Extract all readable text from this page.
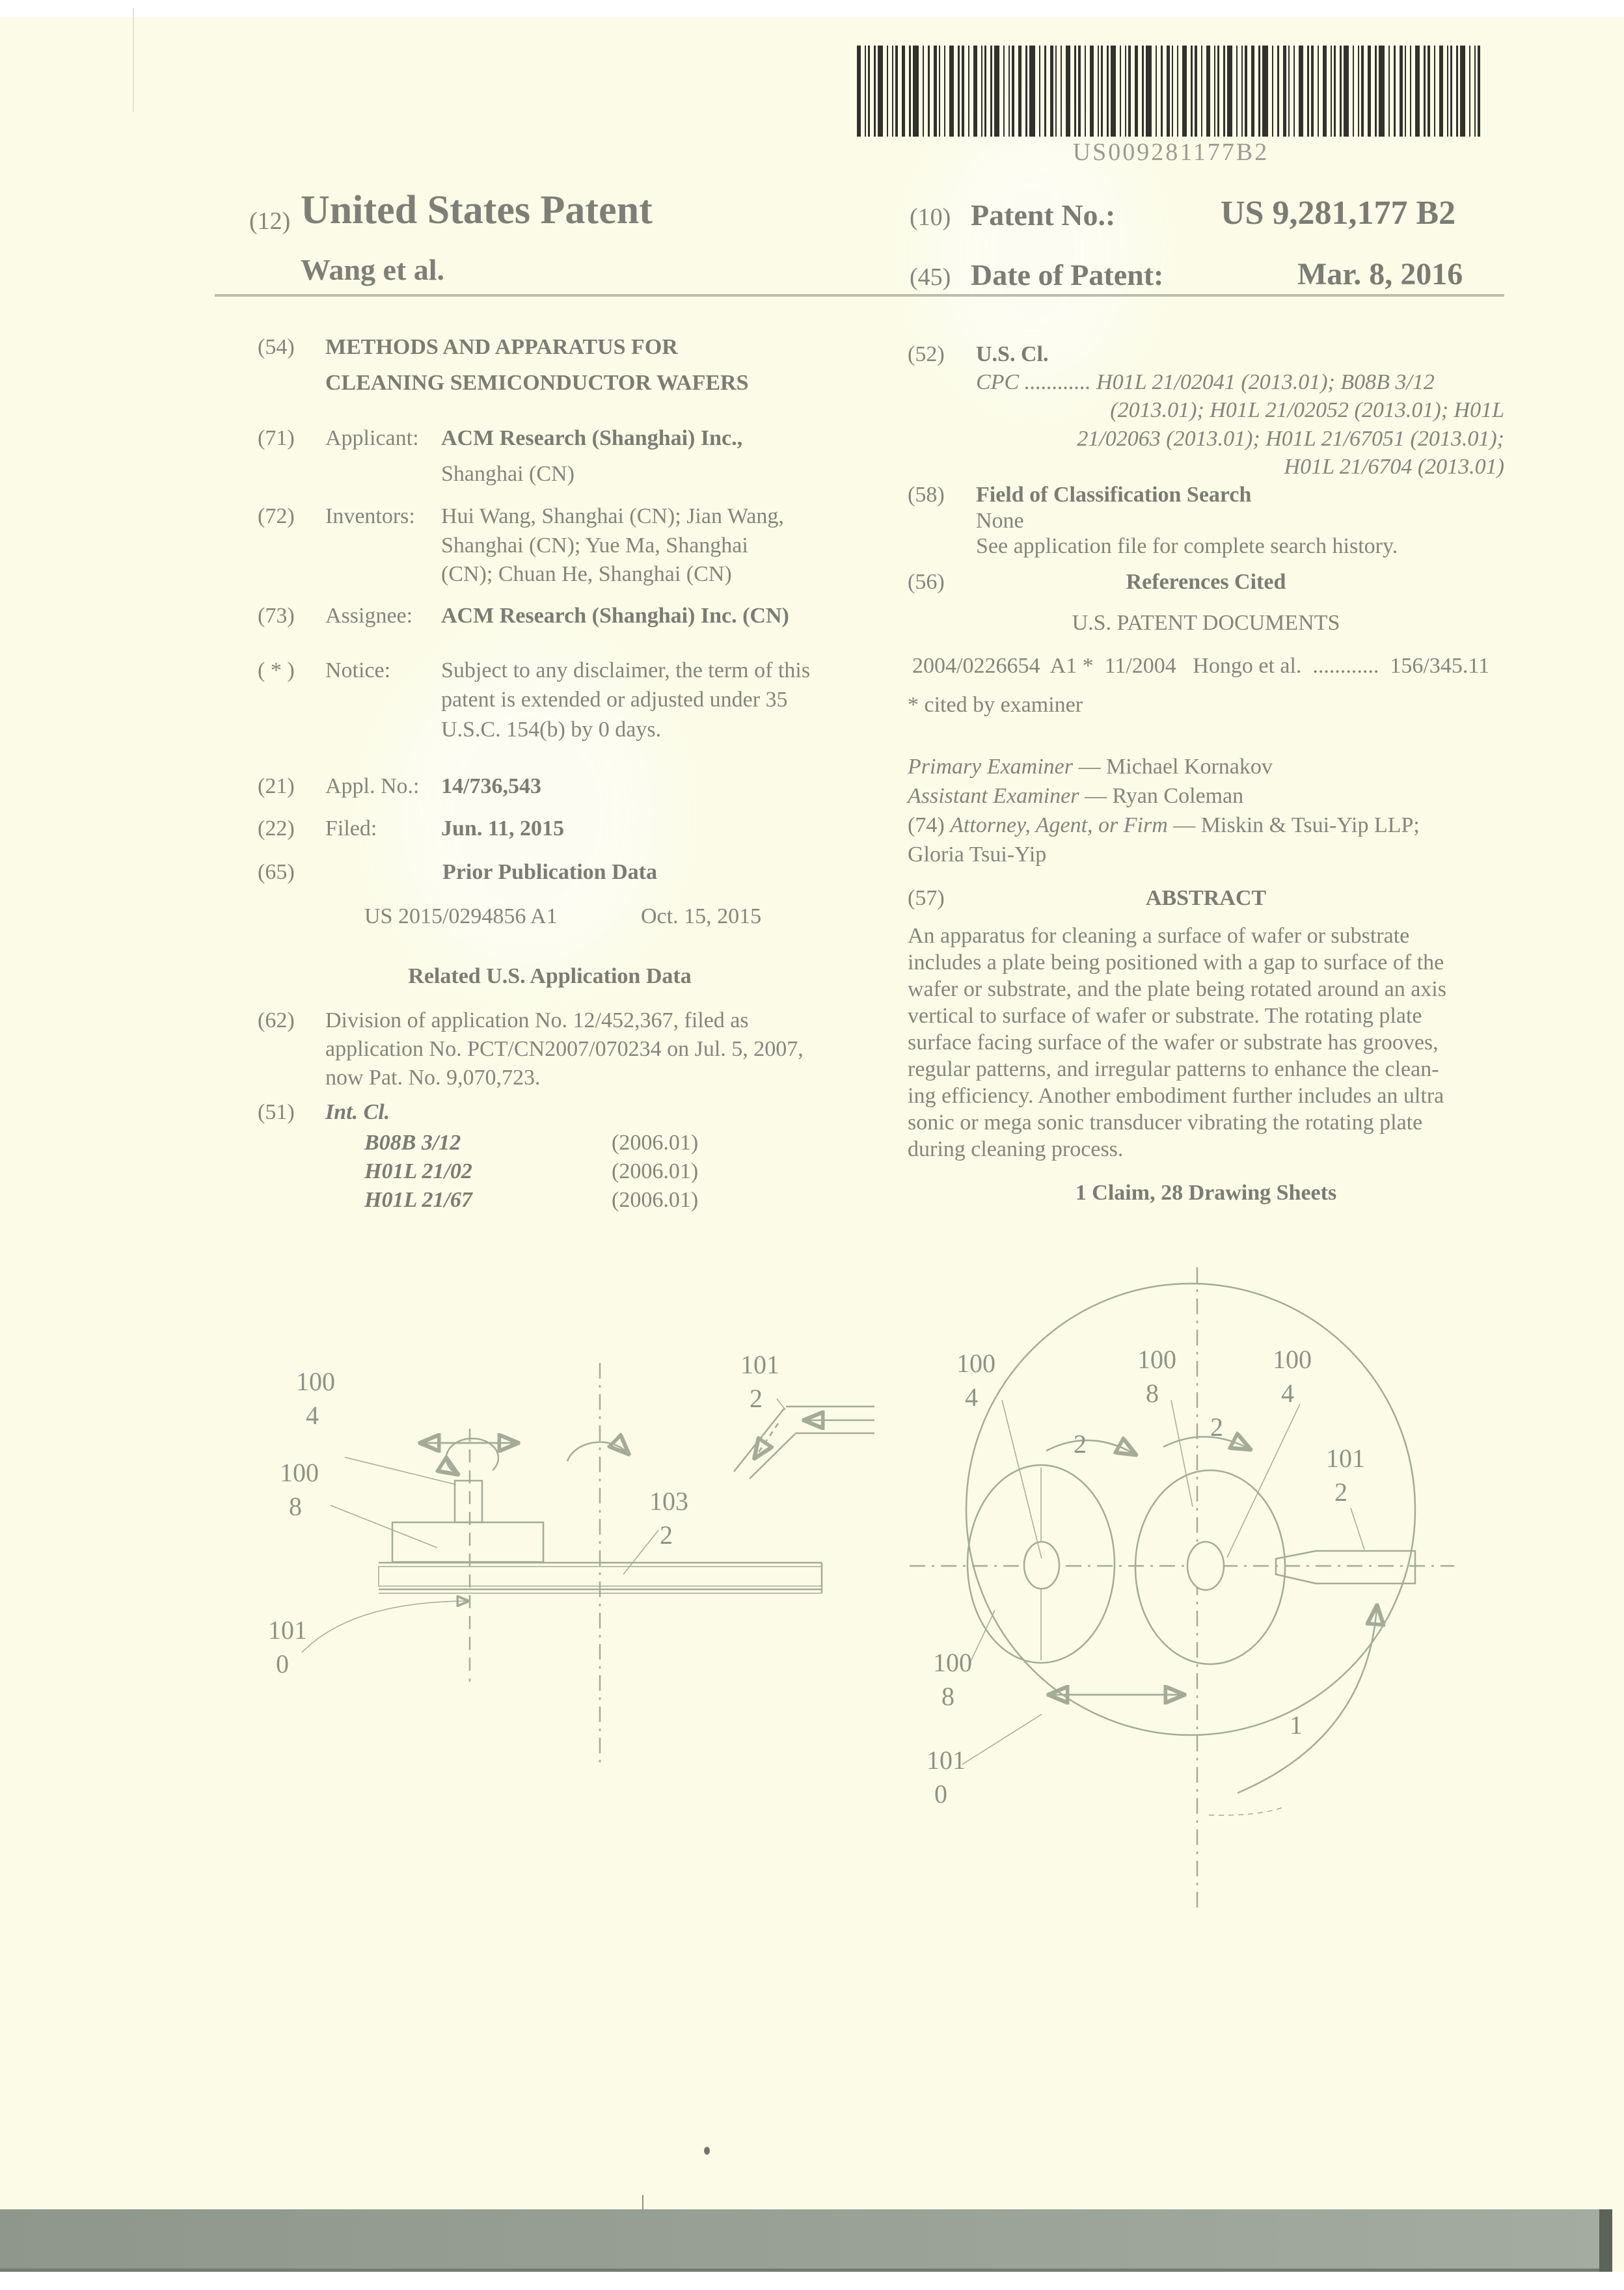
US009281177B2
(12) United States Patent
Wang et al.
(10) Patent No.:	US 9,281,177 B2
(45) Date of Patent:	Mar. 8, 2016
(54) METHODS AND APPARATUS FOR
CLEANING SEMICONDUCTOR WAFERS
(71) Applicant: ACM Research (Shanghai) Inc.,
Shanghai (CN)
(72) Inventors: Hui Wang, Shanghai (CN); Jian Wang,
Shanghai (CN); Yue Ma, Shanghai
(CN); Chuan He, Shanghai (CN)
(73) Assignee: ACM Research (Shanghai) Inc. (CN)
( * ) Notice: Subject to any disclaimer, the term of this
patent is extended or adjusted under 35
U.S.C. 154(b) by 0 days.
(21) Appl. No.: 14/736,543
(22) Filed:	Jun. 11, 2015
(65)	Prior Publication Data
US 2015/0294856 A1	Oct. 15, 2015
Related U.S. Application Data
(62) Division of application No. 12/452,367, filed as
application No. PCT/CN2007/070234 on Jul. 5, 2007,
now Pat. No. 9,070,723.
(51) Int. Cl.
B08B 3/12	(2006.01)
H01L 21/02	(2006.01)
H01L 21/67	(2006.01)
(52) U.S. Cl.
CPC ............ H01L 21/02041 (2013.01); B08B 3/12
(2013.01); H01L 21/02052 (2013.01); H01L
21/02063 (2013.01); H01L 21/67051 (2013.01);
H01L 21/6704 (2013.01)
(58) Field of Classification Search
None
See application file for complete search history.
(56)	References Cited
U.S. PATENT DOCUMENTS
2004/0226654  A1 *  11/2004   Hongo et al.  ............  156/345.11
* cited by examiner
Primary Examiner — Michael Kornakov
Assistant Examiner — Ryan Coleman
(74) Attorney, Agent, or Firm — Miskin & Tsui-Yip LLP;
Gloria Tsui-Yip
(57)	ABSTRACT
An apparatus for cleaning a surface of wafer or substrate
includes a plate being positioned with a gap to surface of the
wafer or substrate, and the plate being rotated around an axis
vertical to surface of wafer or substrate. The rotating plate
surface facing surface of the wafer or substrate has grooves,
regular patterns, and irregular patterns to enhance the clean-
ing efficiency. Another embodiment further includes an ultra
sonic or mega sonic transducer vibrating the rotating plate
during cleaning process.
1 Claim, 28 Drawing Sheets
100
4
100
8
101
0
101
2
103
2
100
4
100
8
100
4
2
2
101
2
100
8
101
0
1
